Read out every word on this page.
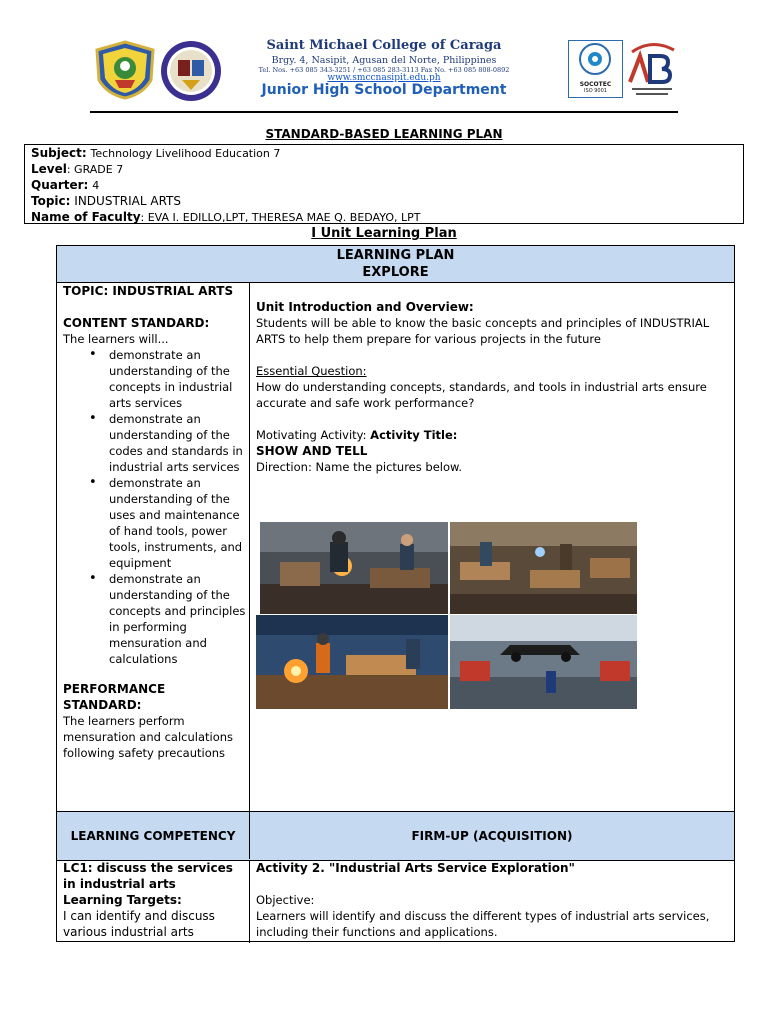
Saint Michael College of Caraga
Brgy. 4, Nasipit, Agusan del Norte, Philippines
Tel. Nos. +63 085 343-3251 / +63 085 283-3113 Fax No. +63 085 808-0892
www.smccnasipit.edu.ph
Junior High School Department	SOCOTEC
ISO 9001
STANDARD-BASED LEARNING PLAN
Subject: Technology Livelihood Education 7
Level: GRADE 7
Quarter: 4
Topic: INDUSTRIAL ARTS
Name of Faculty: EVA I. EDILLO,LPT, THERESA MAE Q. BEDAYO, LPT
I Unit Learning Plan
LEARNING PLAN
EXPLORE
TOPIC: INDUSTRIAL ARTS
CONTENT STANDARD:
The learners will...
• demonstrate an understanding of the concepts in industrial arts services
• demonstrate an understanding of the codes and standards in industrial arts services
• demonstrate an understanding of the uses and maintenance of hand tools, power tools, instruments, and equipment
• demonstrate an understanding of the concepts and principles in performing mensuration and calculations
PERFORMANCE STANDARD:
The learners perform mensuration and calculations following safety precautions
Unit Introduction and Overview:
Students will be able to know the basic concepts and principles of INDUSTRIAL ARTS to help them prepare for various projects in the future
Essential Question:
How do understanding concepts, standards, and tools in industrial arts ensure accurate and safe work performance?
Motivating Activity: Activity Title:
SHOW AND TELL
Direction: Name the pictures below.
LEARNING COMPETENCY	FIRM-UP (ACQUISITION)
LC1: discuss the services in industrial arts
Learning Targets:
I can identify and discuss various industrial arts
Activity 2. "Industrial Arts Service Exploration"
Objective:
Learners will identify and discuss the different types of industrial arts services, including their functions and applications.
